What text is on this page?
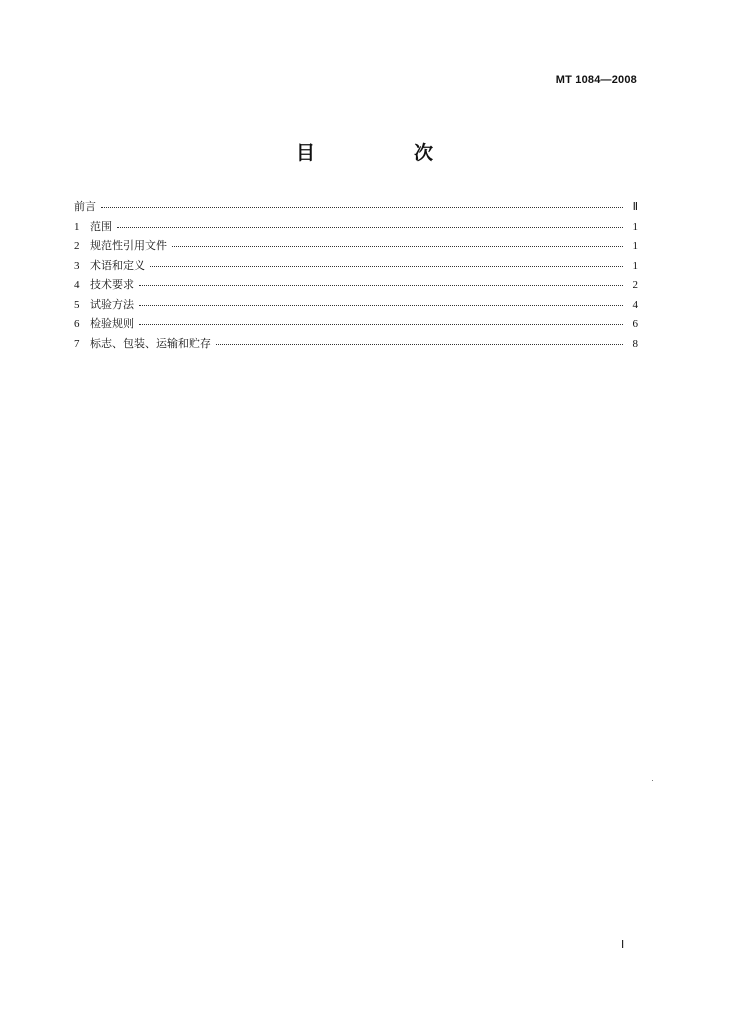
MT 1084—2008
目　次
前言	Ⅱ
1 范围	1
2 规范性引用文件	1
3 术语和定义	1
4 技术要求	2
5 试验方法	4
6 检验规则	6
7 标志、包装、运输和贮存	8
Ⅰ
